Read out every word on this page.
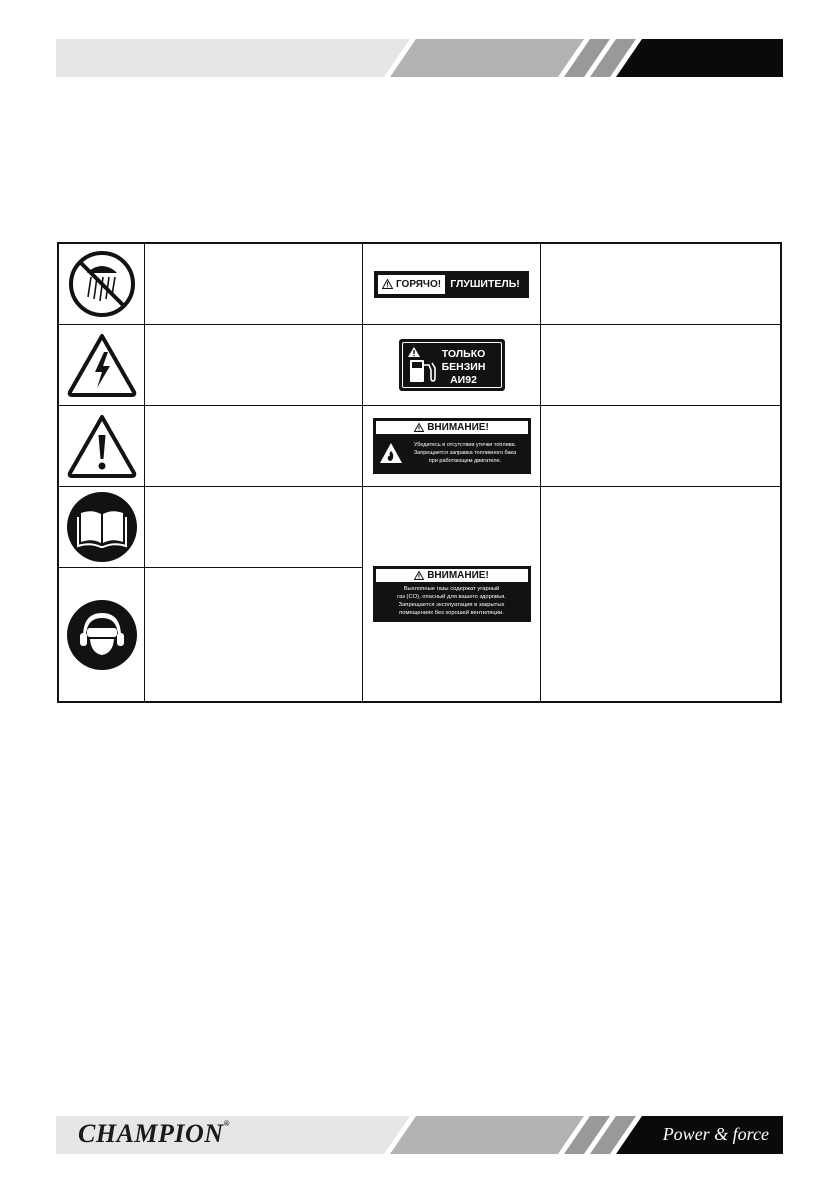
ГОРЯЧО! ГЛУШИТЕЛЬ!
ТОЛЬКО
БЕНЗИН
АИ92
ВНИМАНИЕ!
Убедитесь в отсутствии утечки топлива.
Запрещается заправка топливного бака
при работающем двигателе.
ВНИМАНИЕ!
Выхлопные газы содержат угарный
газ (CO), опасный для вашего здоровья.
Запрещается эксплуатация в закрытых
помещениях без хорошей вентиляции.
CHAMPION®
Power & force
